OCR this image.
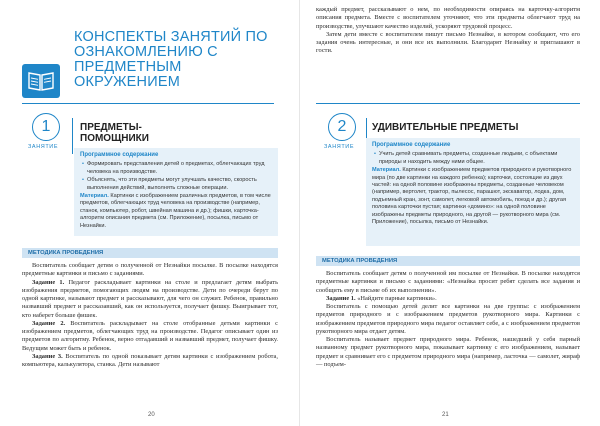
КОНСПЕКТЫ ЗАНЯТИЙ ПО ОЗНАКОМЛЕНИЮ С ПРЕДМЕТНЫМ ОКРУЖЕНИЕМ
1
ЗАНЯТИЕ
ПРЕДМЕТЫ-
ПОМОЩНИКИ
Программное содержание
• Формировать представления детей о предметах, облегчающих труд человека на производстве.
• Объяснять, что эти предметы могут улучшать качество, скорость выполнения действий, выполнять сложные операции.
Материал. Картинки с изображением различных предметов, в том числе предметов, облегчающих труд человека на производстве (например, станок, компьютер, робот, швейная машина и др.); фишки, карточка-алгоритм описания предмета (см. Приложение), посылка, письмо от Незнайки.
МЕТОДИКА ПРОВЕДЕНИЯ

Воспитатель сообщает детям о полученной от Незнайки посылке. В посылке находятся предметные картинки и письмо с заданиями.

Задание 1. Педагог раскладывает картинки на столе и предлагает детям выбрать изображения предметов, помогающих людям на производстве. Дети по очереди берут по одной картинке, называют предмет и рассказывают, для чего он служит. Ребенок, правильно назвавший предмет и рассказавший, как он используется, получает фишку. Выигрывает тот, кто наберет больше фишек.

Задание 2. Воспитатель раскладывает на столе отобранные детьми картинки с изображением предметов, облегчающих труд на производстве. Педагог описывает один из предметов по алгоритму. Ребенок, верно отгадавший и назвавший предмет, получает фишку. Ведущим может быть и ребенок.

Задание 3. Воспитатель по одной показывает детям картинки с изображением робота, компьютера, калькулятора, станка. Дети называют

20

каждый предмет, рассказывают о нем, по необходимости опираясь на карточку-алгоритм описания предмета. Вместе с воспитателем уточняют, что эти предметы облегчают труд на производстве, улучшают качество изделий, ускоряют трудовой процесс.

Затем дети вместе с воспитателем пишут письмо Незнайке, в котором сообщают, что его задания очень интересные, и они все их выполнили. Благодарят Незнайку и приглашают в гости.

2
ЗАНЯТИЕ
УДИВИТЕЛЬНЫЕ ПРЕДМЕТЫ
Программное содержание
• Учить детей сравнивать предметы, созданные людьми, с объектами природы и находить между ними общее.
Материал. Картинки с изображением предметов природного и рукотворного мира (по две картинки на каждого ребенка); карточки, состоящие из двух частей: на одной половине изображены предметы, созданные человеком (например, вертолет, трактор, пылесос, парашют, экскаватор, лодка, дом, подъемный кран, зонт, самолет, легковой автомобиль, поезд и др.); другая половина карточки пустая; картинки «домино»: на одной половине изображены предметы природного, на другой — рукотворного мира (см. Приложение), посылка, письмо от Незнайки.
МЕТОДИКА ПРОВЕДЕНИЯ

Воспитатель сообщает детям о полученной им посылке от Незнайки. В посылке находятся предметные картинки и письмо с заданиями: «Незнайка просит ребят сделать все задания и сообщить ему в письме об их выполнении».

Задание 1. «Найдите парные картинки».

Воспитатель с помощью детей делит все картинки на две группы: с изображением предметов природного и с изображением предметов рукотворного мира. Картинки с изображением предметов природного мира педагог оставляет себе, а с изображением предметов рукотворного мира отдает детям.

Воспитатель называет предмет природного мира. Ребенок, нашедший у себя парный названному предмет рукотворного мира, показывает картинку с его изображением, называет предмет и сравнивает его с предметом природного мира (например, ласточка — самолет, жираф — подъем-

21
